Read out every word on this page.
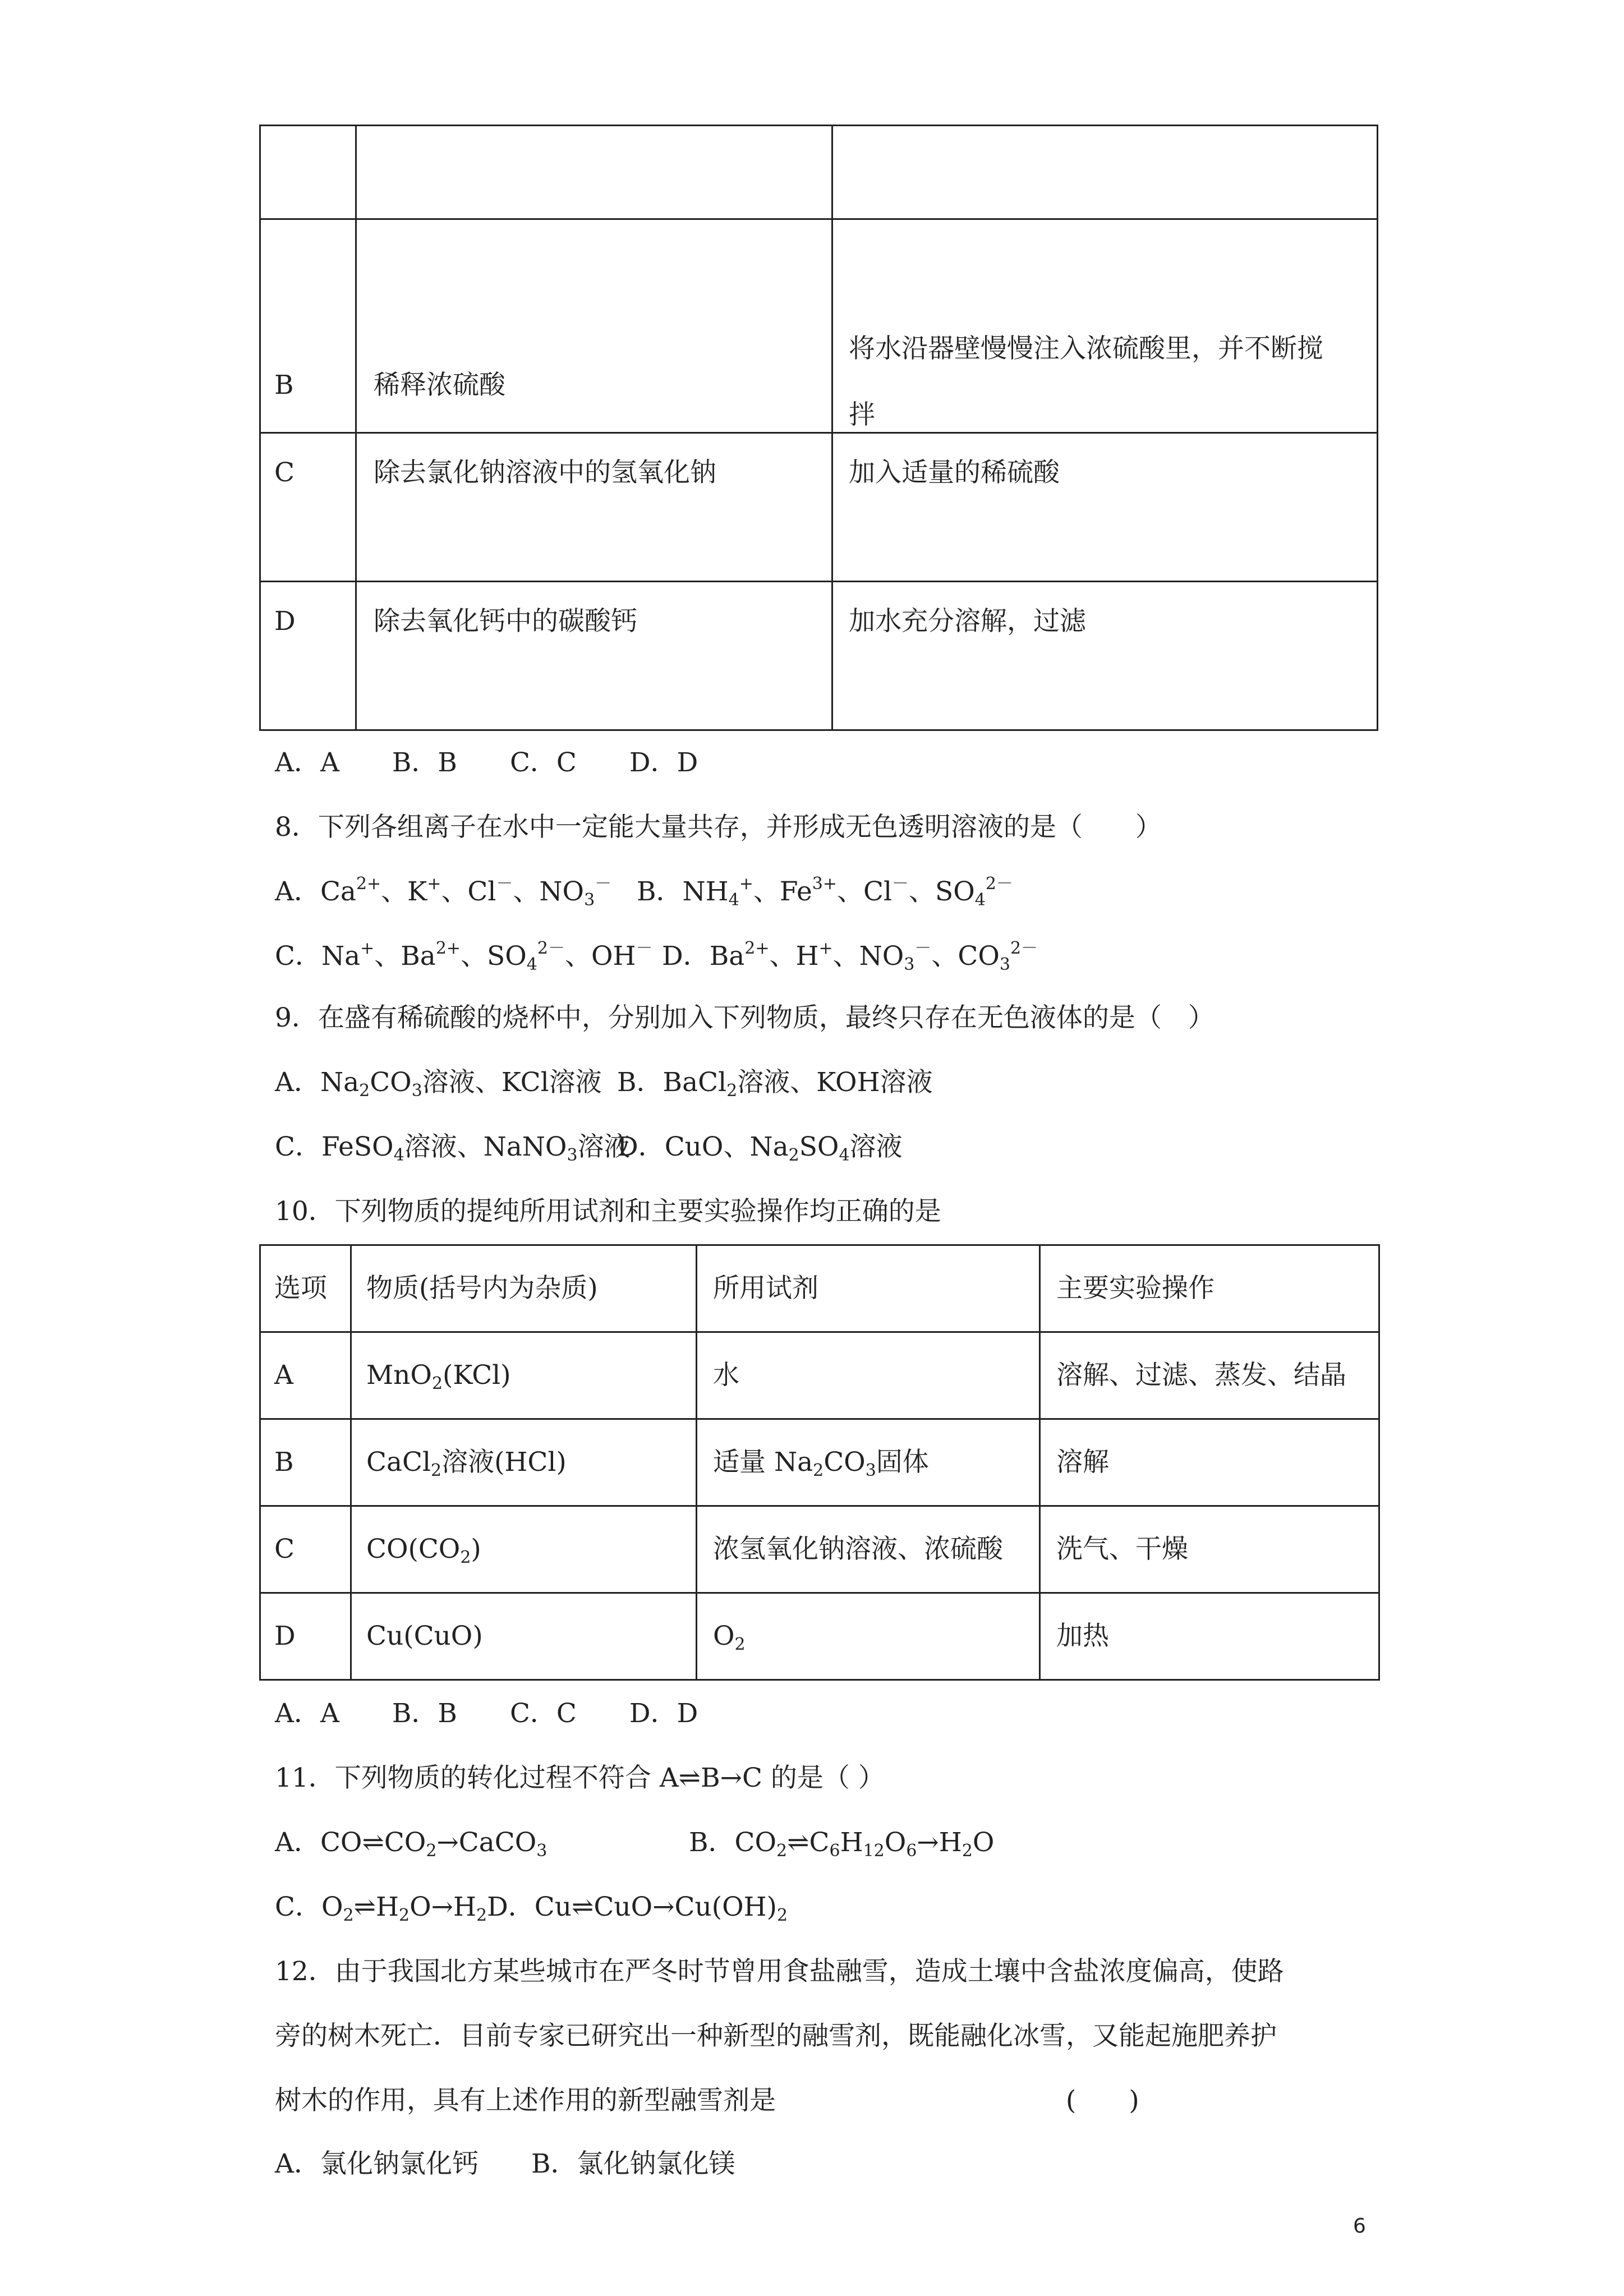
B	稀释浓硫酸	将水沿器壁慢慢注入浓硫酸里，并不断搅
拌

C	除去氯化钠溶液中的氢氧化钠	加入适量的稀硫酸

D	除去氧化钙中的碳酸钙	加水充分溶解，过滤
A．A　　B．B　　C．C　　D．D
8．下列各组离子在水中一定能大量共存，并形成无色透明溶液的是（　　）
A．$Ca^{2+}$、K+、Cl－、$NO_3^-$ B．$NH_4^+$、$Fe^{3+}$、Cl－、$SO_4^{2-}$
C．Na+、$Ba^{2+}$、$SO_4^{2-}$、OH－ D．$Ba^{2+}$、H+、$NO_3^-$、$CO_3^{2-}$
9．在盛有稀硫酸的烧杯中，分别加入下列物质，最终只存在无色液体的是（　）
A．$Na_2CO_3$溶液、KCl溶液 B．BaCl$_2$溶液、KOH溶液
C．FeSO$_4$溶液、NaNO$_3$溶液
D．CuO、$Na_2SO_4$溶液
10．下列物质的提纯所用试剂和主要实验操作均正确的是
选项	物质(括号内为杂质)	所用试剂	主要实验操作

A	MnO$_2$(KCl)	水	溶解、过滤、蒸发、结晶

B	CaCl$_2$溶液(HCl)	适量 $Na_2CO_3$固体	溶解

C	$CO(CO_2)$	浓氢氧化钠溶液、浓硫酸	洗气、干燥

D	Cu(CuO)	$O_2$	加热
A．A　　B．B　　C．C　　D．D
11．下列物质的转化过程不符合 A⇌B→C 的是（ ）
A．$CO\rightleftharpoons CO_2\to CaCO_3$	B．$CO_2\rightleftharpoons C_6H_{12}O_6\to H_2O$
C．$O_2\rightleftharpoons H_2O\to H_2D$．$Cu\rightleftharpoons CuO\to Cu(OH)_2$
12．由于我国北方某些城市在严冬时节曾用食盐融雪，造成土壤中含盐浓度偏高，使路
旁的树木死亡．目前专家已研究出一种新型的融雪剂，既能融化冰雪，又能起施肥养护
树木的作用，具有上述作用的新型融雪剂是	(　　)
A．氯化钠氯化钙　　B．氯化钠氯化镁
6
